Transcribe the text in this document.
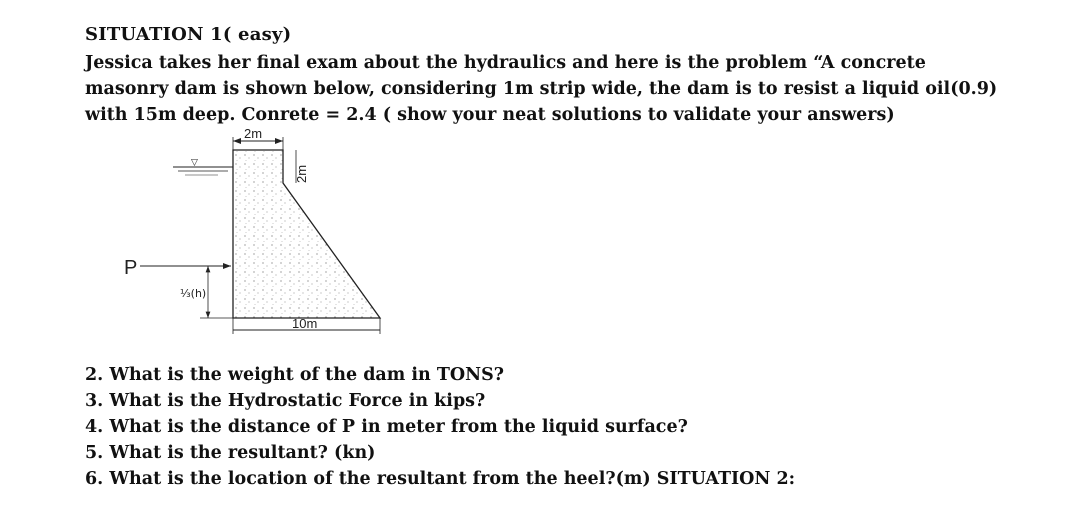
SITUATION 1( easy)
Jessica takes her final exam about the hydraulics and here is the problem “A concrete
masonry dam is shown below, considering 1m strip wide, the dam is to resist a liquid oil(0.9)
with 15m deep. Conrete = 2.4 ( show your neat solutions to validate your answers)
2m
2m
▽
P
⅓(h)
10m
2. What is the weight of the dam in TONS?
3. What is the Hydrostatic Force in kips?
4. What is the distance of P in meter from the liquid surface?
5. What is the resultant? (kn)
6. What is the location of the resultant from the heel?(m) SITUATION 2:
